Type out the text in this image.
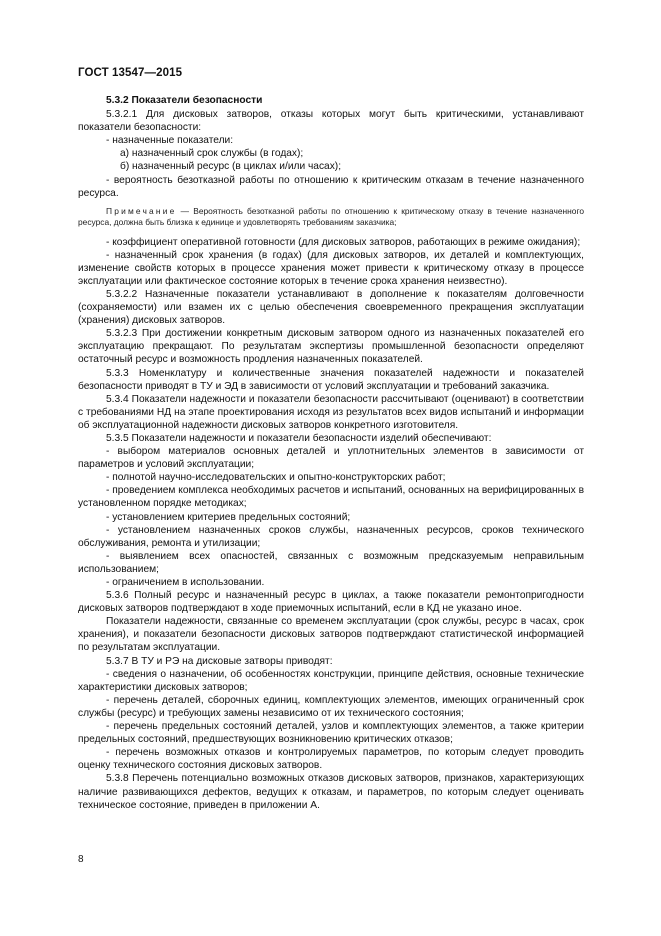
ГОСТ 13547—2015

5.3.2 Показатели безопасности

5.3.2.1 Для дисковых затворов, отказы которых могут быть критическими, устанавливают показатели безопасности:

- назначенные показатели:

а) назначенный срок службы (в годах);

б) назначенный ресурс (в циклах и/или часах);

- вероятность безотказной работы по отношению к критическим отказам в течение назначенного ресурса.

Примечание — Вероятность безотказной работы по отношению к критическому отказу в течение назначенного ресурса, должна быть близка к единице и удовлетворять требованиям заказчика;

- коэффициент оперативной готовности (для дисковых затворов, работающих в режиме ожидания);

- назначенный срок хранения (в годах) (для дисковых затворов, их деталей и комплектующих, изменение свойств которых в процессе хранения может привести к критическому отказу в процессе эксплуатации или фактическое состояние которых в течение срока хранения неизвестно).

5.3.2.2 Назначенные показатели устанавливают в дополнение к показателям долговечности (сохраняемости) или взамен их с целью обеспечения своевременного прекращения эксплуатации (хранения) дисковых затворов.

5.3.2.3 При достижении конкретным дисковым затвором одного из назначенных показателей его эксплуатацию прекращают. По результатам экспертизы промышленной безопасности определяют остаточный ресурс и возможность продления назначенных показателей.

5.3.3 Номенклатуру и количественные значения показателей надежности и показателей безопасности приводят в ТУ и ЭД в зависимости от условий эксплуатации и требований заказчика.

5.3.4 Показатели надежности и показатели безопасности рассчитывают (оценивают) в соответствии с требованиями НД на этапе проектирования исходя из результатов всех видов испытаний и информации об эксплуатационной надежности дисковых затворов конкретного изготовителя.

5.3.5 Показатели надежности и показатели безопасности изделий обеспечивают:

- выбором материалов основных деталей и уплотнительных элементов в зависимости от параметров и условий эксплуатации;

- полнотой научно-исследовательских и опытно-конструкторских работ;

- проведением комплекса необходимых расчетов и испытаний, основанных на верифицированных в установленном порядке методиках;

- установлением критериев предельных состояний;

- установлением назначенных сроков службы, назначенных ресурсов, сроков технического обслуживания, ремонта и утилизации;

- выявлением всех опасностей, связанных с возможным предсказуемым неправильным использованием;

- ограничением в использовании.

5.3.6 Полный ресурс и назначенный ресурс в циклах, а также показатели ремонтопригодности дисковых затворов подтверждают в ходе приемочных испытаний, если в КД не указано иное.

Показатели надежности, связанные со временем эксплуатации (срок службы, ресурс в часах, срок хранения), и показатели безопасности дисковых затворов подтверждают статистической информацией по результатам эксплуатации.

5.3.7 В ТУ и РЭ на дисковые затворы приводят:

- сведения о назначении, об особенностях конструкции, принципе действия, основные технические характеристики дисковых затворов;

- перечень деталей, сборочных единиц, комплектующих элементов, имеющих ограниченный срок службы (ресурс) и требующих замены независимо от их технического состояния;

- перечень предельных состояний деталей, узлов и комплектующих элементов, а также критерии предельных состояний, предшествующих возникновению критических отказов;

- перечень возможных отказов и контролируемых параметров, по которым следует проводить оценку технического состояния дисковых затворов.

5.3.8 Перечень потенциально возможных отказов дисковых затворов, признаков, характеризующих наличие развивающихся дефектов, ведущих к отказам, и параметров, по которым следует оценивать техническое состояние, приведен в приложении А.

8
